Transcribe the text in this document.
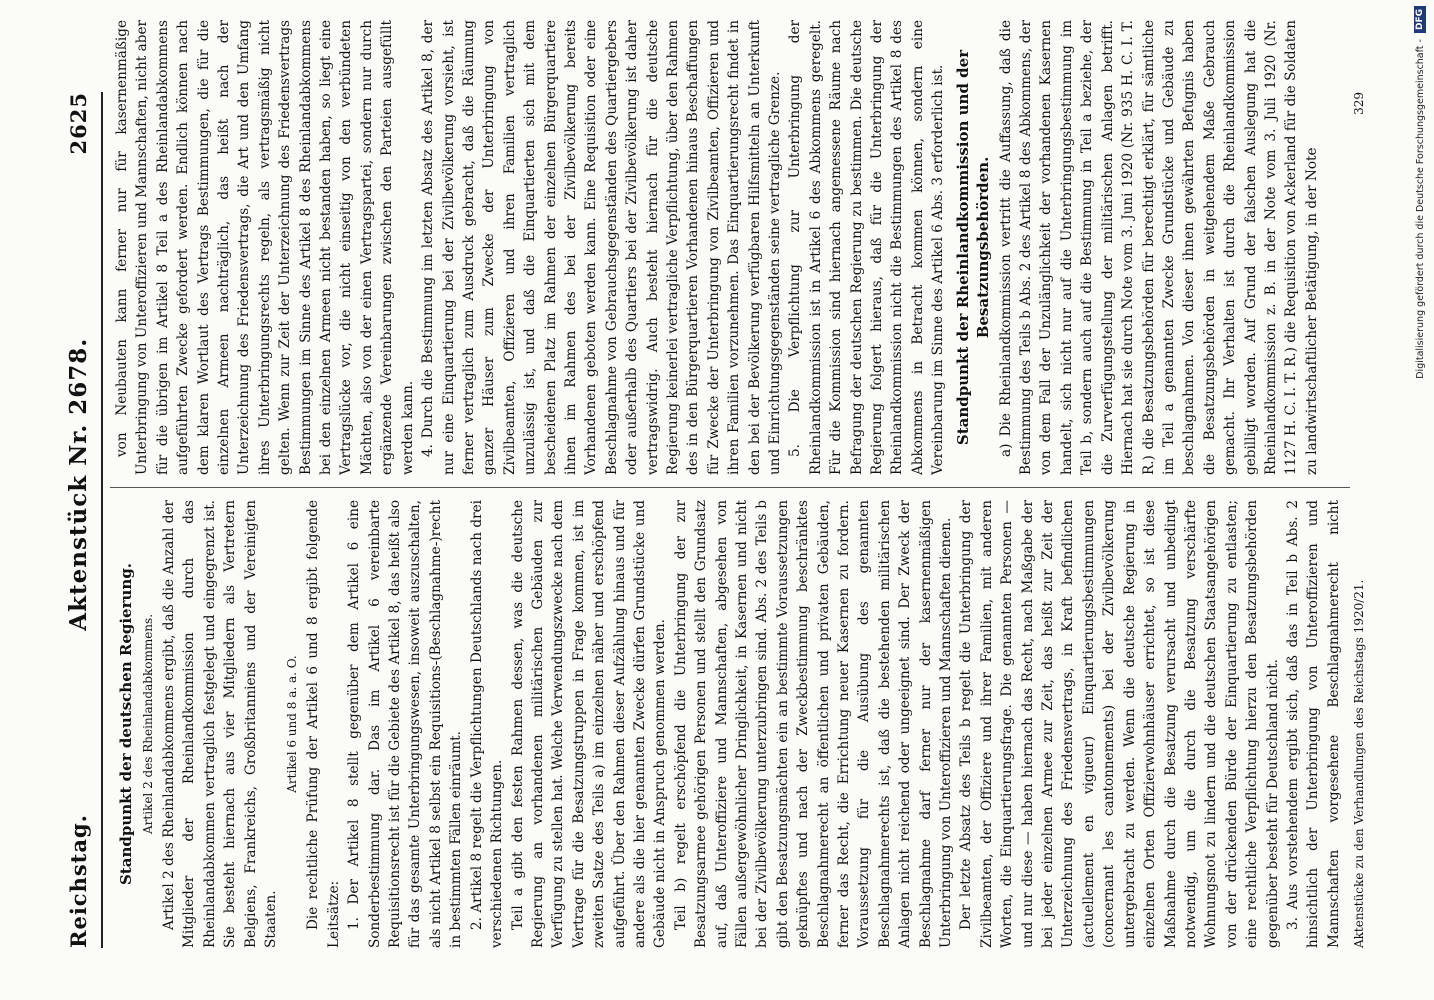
Reichstag.
Aktenstück Nr. 2678.
2625
Standpunkt der deutschen Regierung. Artikel 2 des Rheinlandabkommens. Artikel 2 des Rheinlandabkommens ergibt, daß die Anzahl der Mitglieder der Rheinlandkommission durch das Rheinlandabkommen vertraglich festgelegt und eingegrenzt ist. Sie besteht hiernach aus vier Mitgliedern als Vertretern Belgiens, Frankreichs, Großbritanniens und der Vereinigten Staaten.

Artikel 6 und 8 a. a. O. Die rechtliche Prüfung der Artikel 6 und 8 ergibt folgende Leitsätze: 1. Der Artikel 8 stellt gegenüber dem Artikel 6 eine Sonderbestimmung dar. Das im Artikel 6 vereinbarte Requisitionsrecht ist für die Gebiete des Artikel 8, das heißt also für das gesamte Unterbringungswesen, insoweit auszuschalten, als nicht Artikel 8 selbst ein Requisitions-(Beschlagnahme-)recht in bestimmten Fällen einräumt. 2. Artikel 8 regelt die Verpflichtungen Deutschlands nach drei verschiedenen Richtungen. Teil a gibt den festen Rahmen dessen, was die deutsche Regierung an vorhandenen militärischen Gebäuden zur Verfügung zu stellen hat. Welche Verwendungszwecke nach dem Vertrage für die Besatzungstruppen in Frage kommen, ist im zweiten Satze des Teils a) im einzelnen näher und erschöpfend aufgeführt. Über den Rahmen dieser Aufzählung hinaus und für andere als die hier genannten Zwecke dürfen Grundstücke und Gebäude nicht in Anspruch genommen werden. Teil b) regelt erschöpfend die Unterbringung der zur Besatzungsarmee gehörigen Personen und stellt den Grundsatz auf, daß Unteroffiziere und Mannschaften, abgesehen von Fällen außergewöhnlicher Dringlichkeit, in Kasernen und nicht bei der Zivilbevölkerung unterzubringen sind. Abs. 2 des Teils b gibt den Besatzungsmächten ein an bestimmte Voraussetzungen geknüpftes und nach der Zweckbestimmung beschränktes Beschlagnahmerecht an öffentlichen und privaten Gebäuden, ferner das Recht, die Errichtung neuer Kasernen zu fordern. Voraussetzung für die Ausübung des genannten Beschlagnahmerechts ist, daß die bestehenden militärischen Anlagen nicht reichend oder ungeeignet sind. Der Zweck der Beschlagnahme darf ferner nur der kasernenmäßigen Unterbringung von Unteroffizieren und Mannschaften dienen. Der letzte Absatz des Teils b regelt die Unterbringung der Zivilbeamten, der Offiziere und ihrer Familien, mit anderen Worten, die Einquartierungsfrage. Die genannten Personen — und nur diese — haben hiernach das Recht, nach Maßgabe der bei jeder einzelnen Armee zur Zeit, das heißt zur Zeit der Unterzeichnung des Friedensvertrags, in Kraft befindlichen (actuellement en vigueur) Einquartierungsbestimmungen (concernant les cantonnements) bei der Zivilbevölkerung untergebracht zu werden. Wenn die deutsche Regierung in einzelnen Orten Offizierwohnhäuser errichtet, so ist diese Maßnahme durch die Besatzung verursacht und unbedingt notwendig, um die durch die Besatzung verschärfte Wohnungsnot zu lindern und die deutschen Staatsangehörigen von der drückenden Bürde der Einquartierung zu entlasten; eine rechtliche Verpflichtung hierzu den Besatzungsbehörden gegenüber besteht für Deutschland nicht. 3. Aus vorstehendem ergibt sich, daß das in Teil b Abs. 2 hinsichtlich der Unterbringung von Unteroffizieren und Mannschaften vorgesehene Beschlagnahmerecht nicht

von Neubauten kann ferner nur für kasernenmäßige Unterbringung von Unteroffizieren und Mannschaften, nicht aber für die übrigen im Artikel 8 Teil a des Rheinlandabkommens aufgeführten Zwecke gefordert werden. Endlich können nach dem klaren Wortlaut des Vertrags Bestimmungen, die für die einzelnen Armeen nachträglich, das heißt nach der Unterzeichnung des Friedensvertrags, die Art und den Umfang ihres Unterbringungsrechts regeln, als vertragsmäßig nicht gelten. Wenn zur Zeit der Unterzeichnung des Friedensvertrags Bestimmungen im Sinne des Artikel 8 des Rheinlandabkommens bei den einzelnen Armeen nicht bestanden haben, so liegt eine Vertragslücke vor, die nicht einseitig von den verbündeten Mächten, also von der einen Vertragspartei, sondern nur durch ergänzende Vereinbarungen zwischen den Parteien ausgefüllt werden kann. 4. Durch die Bestimmung im letzten Absatz des Artikel 8, der nur eine Einquartierung bei der Zivilbevölkerung vorsieht, ist ferner vertraglich zum Ausdruck gebracht, daß die Räumung ganzer Häuser zum Zwecke der Unterbringung von Zivilbeamten, Offizieren und ihren Familien vertraglich unzulässig ist, und daß die Einquartierten sich mit dem bescheidenen Platz im Rahmen der einzelnen Bürgerquartiere ihnen im Rahmen des bei der Zivilbevölkerung bereits Vorhandenen geboten werden kann. Eine Requisition oder eine Beschlagnahme von Gebrauchsgegenständen des Quartiergebers oder außerhalb des Quartiers bei der Zivilbevölkerung ist daher vertragswidrig. Auch besteht hiernach für die deutsche Regierung keinerlei vertragliche Verpflichtung, über den Rahmen des in den Bürgerquartieren Vorhandenen hinaus Beschaffungen für Zwecke der Unterbringung von Zivilbeamten, Offizieren und ihren Familien vorzunehmen. Das Einquartierungsrecht findet in den bei der Bevölkerung verfügbaren Hilfsmitteln an Unterkunft und Einrichtungsgegenständen seine vertragliche Grenze. 5. Die Verpflichtung zur Unterbringung der Rheinlandkommission ist in Artikel 6 des Abkommens geregelt. Für die Kommission sind hiernach angemessene Räume nach Befragung der deutschen Regierung zu bestimmen. Die deutsche Regierung folgert hieraus, daß für die Unterbringung der Rheinlandkommission nicht die Bestimmungen des Artikel 8 des Abkommens in Betracht kommen können, sondern eine Vereinbarung im Sinne des Artikel 6 Abs. 3 erforderlich ist. Standpunkt der Rheinlandkommission und der Besatzungsbehörden. a) Die Rheinlandkommission vertritt die Auffassung, daß die Bestimmung des Teils b Abs. 2 des Artikel 8 des Abkommens, der von dem Fall der Unzulänglichkeit der vorhandenen Kasernen handelt, sich nicht nur auf die Unterbringungsbestimmung im Teil b, sondern auch auf die Bestimmung in Teil a beziehe, der die Zurverfügungstellung der militärischen Anlagen betrifft. Hiernach hat sie durch Note vom 3. Juni 1920 (Nr. 935 H. C. I. T. R.) die Besatzungsbehörden für berechtigt erklärt, für sämtliche im Teil a genannten Zwecke Grundstücke und Gebäude zu beschlagnahmen. Von dieser ihnen gewährten Befugnis haben die Besatzungsbehörden in weitgehendem Maße Gebrauch gemacht. Ihr Verhalten ist durch die Rheinlandkommission gebilligt worden. Auf Grund der falschen Auslegung hat die Rheinlandkommission z. B. in der Note vom 3. Juli 1920 (Nr. 1127 H. C. I. T. R.) die Requisition von Ackerland für die Soldaten zu landwirtschaftlicher Betätigung, in der Note

Aktenstücke zu den Verhandlungen des Reichstags 1920/21.
329	Digitalisierung gefördert durch die Deutsche Forschungsgemeinschaft -
DFG
